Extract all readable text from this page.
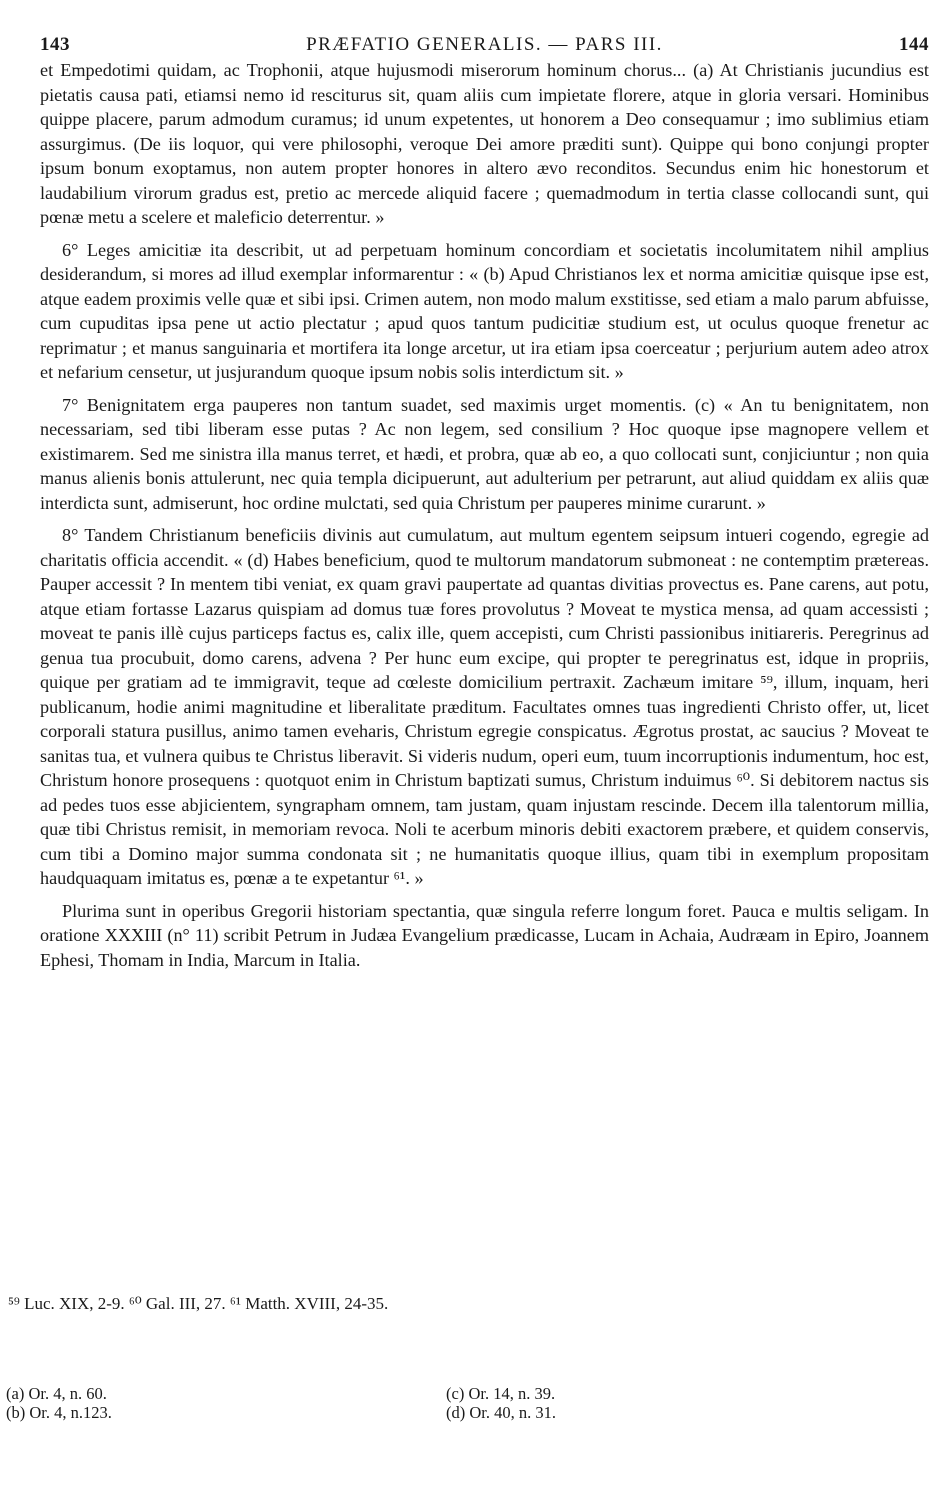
143	PRÆFATIO GENERALIS. — PARS III.	144

et Empedotimi quidam, ac Trophonii, atque hujusmodi miserorum hominum chorus... (a) At Christianis jucundius est pietatis causa pati, etiamsi nemo id resciturus sit, quam aliis cum impietate florere, atque in gloria versari. Hominibus quippe placere, parum admodum curamus; id unum expetentes, ut honorem a Deo consequamur ; imo sublimius etiam assurgimus. (De iis loquor, qui vere philosophi, veroque Dei amore præditi sunt). Quippe qui bono conjungi propter ipsum bonum exoptamus, non autem propter honores in altero ævo reconditos. Secundus enim hic honestorum et laudabilium virorum gradus est, pretio ac mercede aliquid facere ; quemadmodum in tertia classe collocandi sunt, qui pœnæ metu a scelere et maleficio deterrentur. »

6° Leges amicitiæ ita describit, ut ad perpetuam hominum concordiam et societatis incolumitatem nihil amplius desiderandum, si mores ad illud exemplar informarentur : « (b) Apud Christianos lex et norma amicitiæ quisque ipse est, atque eadem proximis velle quæ et sibi ipsi. Crimen autem, non modo malum exstitisse, sed etiam a malo parum abfuisse, cum cupuditas ipsa pene ut actio plectatur ; apud quos tantum pudicitiæ studium est, ut oculus quoque frenetur ac reprimatur ; et manus sanguinaria et mortifera ita longe arcetur, ut ira etiam ipsa coerceatur ; perjurium autem adeo atrox et nefarium censetur, ut jusjurandum quoque ipsum nobis solis interdictum sit. »

7° Benignitatem erga pauperes non tantum suadet, sed maximis urget momentis. (c) « An tu benignitatem, non necessariam, sed tibi liberam esse putas ? Ac non legem, sed consilium ? Hoc quoque ipse magnopere vellem et existimarem. Sed me sinistra illa manus terret, et hædi, et probra, quæ ab eo, a quo collocati sunt, conjiciuntur ; non quia manus alienis bonis attulerunt, nec quia templa dicipuerunt, aut adulterium per petrarunt, aut aliud quiddam ex aliis quæ interdicta sunt, admiserunt, hoc ordine mulctati, sed quia Christum per pauperes minime curarunt. »

8° Tandem Christianum beneficiis divinis aut cumulatum, aut multum egentem seipsum intueri cogendo, egregie ad charitatis officia accendit. « (d) Habes beneficium, quod te multorum mandatorum submoneat : ne contemptim prætereas. Pauper accessit ? In mentem tibi veniat, ex quam gravi paupertate ad quantas divitias provectus es. Pane carens, aut potu, atque etiam fortasse Lazarus quispiam ad domus tuæ fores provolutus ? Moveat te mystica mensa, ad quam accessisti ; moveat te panis illè cujus particeps factus es, calix ille, quem accepisti, cum Christi passionibus initiareris. Peregrinus ad genua tua procubuit, domo carens, advena ? Per hunc eum excipe, qui propter te peregrinatus est, idque in propriis, quique per gratiam ad te immigravit, teque ad cœleste domicilium pertraxit. Zachæum imitare ⁵⁹, illum, inquam, heri publicanum, hodie animi magnitudine et liberalitate præditum. Facultates omnes tuas ingredienti Christo offer, ut, licet corporali statura pusillus, animo tamen eveharis, Christum egregie conspicatus. Ægrotus prostat, ac saucius ? Moveat te sanitas tua, et vulnera quibus te Christus liberavit. Si videris nudum, operi eum, tuum incorruptionis indumentum, hoc est, Christum honore prosequens : quotquot enim in Christum baptizati sumus, Christum induimus ⁶⁰. Si debitorem nactus sis ad pedes tuos esse abjicientem, syngrapham omnem, tam justam, quam injustam rescinde. Decem illa talentorum millia, quæ tibi Christus remisit, in memoriam revoca. Noli te acerbum minoris debiti exactorem præbere, et quidem conservis, cum tibi a Domino major summa condonata sit ; ne humanitatis quoque illius, quam tibi in exemplum propositam haudquaquam imitatus es, pœnæ a te expetantur ⁶¹. »

Plurima sunt in operibus Gregorii historiam spectantia, quæ singula referre longum foret. Pauca e multis seligam. In oratione XXXIII (n° 11) scribit Petrum in Judæa Evangelium prædicasse, Lucam in Achaia, Audræam in Epiro, Joannem Ephesi, Thomam in India, Marcum in Italia.

⁵⁹ Luc. XIX, 2-9. ⁶⁰ Gal. III, 27. ⁶¹ Matth. XVIII, 24-35.
(a) Or. 4, n. 60.
(b) Or. 4, n.123.
(c) Or. 14, n. 39.
(d) Or. 40, n. 31.
